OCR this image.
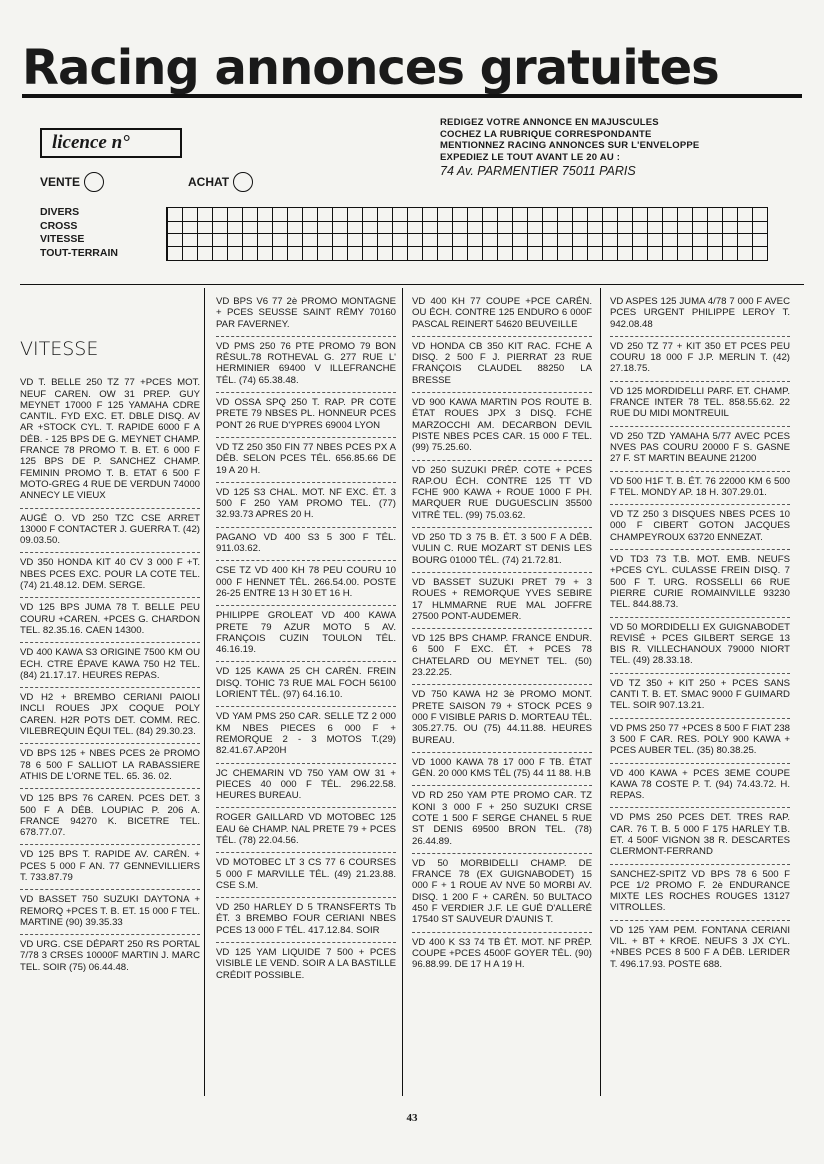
Racing annonces gratuites
licence n°
REDIGEZ VOTRE ANNONCE EN MAJUSCULES
COCHEZ LA RUBRIQUE CORRESPONDANTE
MENTIONNEZ RACING ANNONCES SUR L'ENVELOPPE
EXPEDIEZ LE TOUT AVANT LE 20 AU :
74 Av. PARMENTIER 75011 PARIS
VENTE	ACHAT
DIVERS
CROSS
VITESSE
TOUT-TERRAIN
VITESSE
VD T. BELLE 250 TZ 77 +PCES MOT. NEUF CAREN. OW 31 PREP. GUY MEYNET 17000 F 125 YAMAHA CDRE CANTIL. FYD EXC. ET. DBLE DISQ. AV AR +STOCK CYL. T. RAPIDE 6000 F A DÉB. - 125 BPS DE G. MEYNET CHAMP. FRANCE 78 PROMO T. B. ET. 6 000 F 125 BPS DE P. SANCHEZ CHAMP. FEMININ PROMO T. B. ETAT 6 500 F MOTO-GREG 4 RUE DE VERDUN 74000 ANNECY LE VIEUX
AUGÉ O. VD 250 TZC CSE ARRET 13000 F CONTACTER J. GUERRA T. (42) 09.03.50.
VD 350 HONDA KIT 40 CV 3 000 F +T. NBES PCES EXC. POUR LA COTE TEL. (74) 21.48.12. DEM. SERGE.
VD 125 BPS JUMA 78 T. BELLE PEU COURU +CAREN. +PCES G. CHARDON TEL. 82.35.16. CAEN 14300.
VD 400 KAWA S3 ORIGINE 7500 KM OU ECH. CTRE ÉPAVE KAWA 750 H2 TEL. (84) 21.17.17. HEURES REPAS.
VD H2 + BREMBO CERIANI PAIOLI INCLI ROUES JPX COQUE POLY CAREN. H2R POTS DET. COMM. REC. VILEBREQUIN ÉQUI TEL. (84) 29.30.23.
VD BPS 125 + NBES PCES 2è PROMO 78 6 500 F SALLIOT LA RABASSIERE ATHIS DE L'ORNE TEL. 65. 36. 02.
VD 125 BPS 76 CAREN. PCES DET. 3 500 F A DÉB. LOUPIAC P. 206 A. FRANCE 94270 K. BICETRE TEL. 678.77.07.
VD 125 BPS T. RAPIDE AV. CARÉN. + PCES 5 000 F AN. 77 GENNEVILLIERS T. 733.87.79
VD BASSET 750 SUZUKI DAYTONA + REMORQ +PCES T. B. ET. 15 000 F TEL. MARTINE (90) 39.35.33
VD URG. CSE DÉPART 250 RS PORTAL 7/78 3 CRSES 10000F MARTIN J. MARC TEL. SOIR (75) 06.44.48.
VD BPS V6 77 2è PROMO MONTAGNE + PCES SEUSSE SAINT RÉMY 70160 PAR FAVERNEY.
VD PMS 250 76 PTE PROMO 79 BON RÉSUL.78 ROTHEVAL G. 277 RUE L' HERMINIER 69400 V ILLEFRANCHE TÉL. (74) 65.38.48.
VD OSSA SPQ 250 T. RAP. PR COTE PRETE 79 NBSES PL. HONNEUR PCES PONT 26 RUE D'YPRES 69004 LYON
VD TZ 250 350 FIN 77 NBES PCES PX A DÉB. SELON PCES TÉL. 656.85.66 DE 19 A 20 H.
VD 125 S3 CHAL. MOT. NF EXC. ÉT. 3 500 F 250 YAM PROMO TEL. (77) 32.93.73 APRES 20 H.
PAGANO VD 400 S3 5 300 F TÉL. 911.03.62.
CSE TZ VD 400 KH 78 PEU COURU 10 000 F HENNET TÉL. 266.54.00. POSTE 26-25 ENTRE 13 H 30 ET 16 H.
PHILIPPE GROLEAT VD 400 KAWA PRETE 79 AZUR MOTO 5 AV. FRANÇOIS CUZIN TOULON TÉL. 46.16.19.
VD 125 KAWA 25 CH CARÉN. FREIN DISQ. TOHIC 73 RUE MAL FOCH 56100 LORIENT TÉL. (97) 64.16.10.
VD YAM PMS 250 CAR. SELLE TZ 2 000 KM NBES PIECES 6 000 F + REMORQUE 2 - 3 MOTOS T.(29) 82.41.67.AP20H
JC CHEMARIN VD 750 YAM OW 31 + PIECES 40 000 F TÉL. 296.22.58. HEURES BUREAU.
ROGER GAILLARD VD MOTOBEC 125 EAU 6è CHAMP. NAL PRETE 79 + PCES TÉL. (78) 22.04.56.
VD MOTOBEC LT 3 CS 77 6 COURSES 5 000 F MARVILLE TÉL. (49) 21.23.88. CSE S.M.
VD 250 HARLEY D 5 TRANSFERTS Tb ÉT. 3 BREMBO FOUR CERIANI NBES PCES 13 000 F TÉL. 417.12.84. SOIR
VD 125 YAM LIQUIDE 7 500 + PCES VISIBLE LE VEND. SOIR A LA BASTILLE CRÉDIT POSSIBLE.
VD 400 KH 77 COUPE +PCE CARÉN. OU ÉCH. CONTRE 125 ENDURO 6 000F PASCAL REINERT 54620 BEUVEILLE
VD HONDA CB 350 KIT RAC. FCHE A DISQ. 2 500 F J. PIERRAT 23 RUE FRANÇOIS CLAUDEL 88250 LA BRESSE
VD 900 KAWA MARTIN POS ROUTE B. ÉTAT ROUES JPX 3 DISQ. FCHE MARZOCCHI AM. DECARBON DEVIL PISTE NBES PCES CAR. 15 000 F TEL. (99) 75.25.60.
VD 250 SUZUKI PRÉP. COTE + PCES RAP.OU ÉCH. CONTRE 125 TT VD FCHE 900 KAWA + ROUE 1000 F PH. MARQUER RUE DUGUESCLIN 35500 VITRÉ TEL. (99) 75.03.62.
VD 250 TD 3 75 B. ÉT. 3 500 F A DÉB. VULIN C. RUE MOZART ST DENIS LES BOURG 01000 TÉL. (74) 21.72.81.
VD BASSET SUZUKI PRET 79 + 3 ROUES + REMORQUE YVES SEBIRE 17 HLMMARNE RUE MAL JOFFRE 27500 PONT-AUDEMER.
VD 125 BPS CHAMP. FRANCE ENDUR. 6 500 F EXC. ÉT. + PCES 78 CHATELARD OU MEYNET TEL. (50) 23.22.25.
VD 750 KAWA H2 3è PROMO MONT. PRETE SAISON 79 + STOCK PCES 9 000 F VISIBLE PARIS D. MORTEAU TÉL. 305.27.75. OU (75) 44.11.88. HEURES BUREAU.
VD 1000 KAWA 78 17 000 F TB. ÉTAT GÉN. 20 000 KMS TÉL (75) 44 11 88. H.B
VD RD 250 YAM PTE PROMO CAR. TZ KONI 3 000 F + 250 SUZUKI CRSE COTE 1 500 F SERGE CHANEL 5 RUE ST DENIS 69500 BRON TEL. (78) 26.44.89.
VD 50 MORBIDELLI CHAMP. DE FRANCE 78 (EX GUIGNABODET) 15 000 F + 1 ROUE AV NVE 50 MORBI AV. DISQ. 1 200 F + CARÉN. 50 BULTACO 450 F VERDIER J.F. LE GUÉ D'ALLERÉ 17540 ST SAUVEUR D'AUNIS T.
VD 400 K S3 74 TB ÉT. MOT. NF PRÉP. COUPE +PCES 4500F GOYER TÉL. (90) 96.88.99. DE 17 H A 19 H.
VD ASPES 125 JUMA 4/78 7 000 F AVEC PCES URGENT PHILIPPE LEROY T. 942.08.48
VD 250 TZ 77 + KIT 350 ET PCES PEU COURU 18 000 F J.P. MERLIN T. (42) 27.18.75.
VD 125 MORDIDELLI PARF. ET. CHAMP. FRANCE INTER 78 TEL. 858.55.62. 22 RUE DU MIDI MONTREUIL
VD 250 TZD YAMAHA 5/77 AVEC PCES NVES PAS COURU 20000 F S. GASNE 27 F. ST MARTIN BEAUNE 21200
VD 500 H1F T. B. ÉT. 76 22000 KM 6 500 F TEL. MONDY AP. 18 H. 307.29.01.
VD TZ 250 3 DISQUES NBES PCES 10 000 F CIBERT GOTON JACQUES CHAMPEYROUX 63720 ENNEZAT.
VD TD3 73 T.B. MOT. EMB. NEUFS +PCES CYL. CULASSE FREIN DISQ. 7 500 F T. URG. ROSSELLI 66 RUE PIERRE CURIE ROMAINVILLE 93230 TEL. 844.88.73.
VD 50 MORDIDELLI EX GUIGNABODET REVISÉ + PCES GILBERT SERGE 13 BIS R. VILLECHANOUX 79000 NIORT TEL. (49) 28.33.18.
VD TZ 350 + KIT 250 + PCES SANS CANTI T. B. ET. SMAC 9000 F GUIMARD TEL. SOIR 907.13.21.
VD PMS 250 77 +PCES 8 500 F FIAT 238 3 500 F CAR. RES. POLY 900 KAWA + PCES AUBER TEL. (35) 80.38.25.
VD 400 KAWA + PCES 3EME COUPE KAWA 78 COSTE P. T. (94) 74.43.72. H. REPAS.
VD PMS 250 PCES DET. TRES RAP. CAR. 76 T. B. 5 000 F 175 HARLEY T.B. ET. 4 500F VIGNON 38 R. DESCARTES CLERMONT-FERRAND
SANCHEZ-SPITZ VD BPS 78 6 500 F PCE 1/2 PROMO F. 2è ENDURANCE MIXTE LES ROCHES ROUGES 13127 VITROLLES.
VD 125 YAM PEM. FONTANA CERIANI VIL. + BT + KROE. NEUFS 3 JX CYL. +NBES PCES 8 500 F A DÉB. LERIDER T. 496.17.93. POSTE 688.
43
